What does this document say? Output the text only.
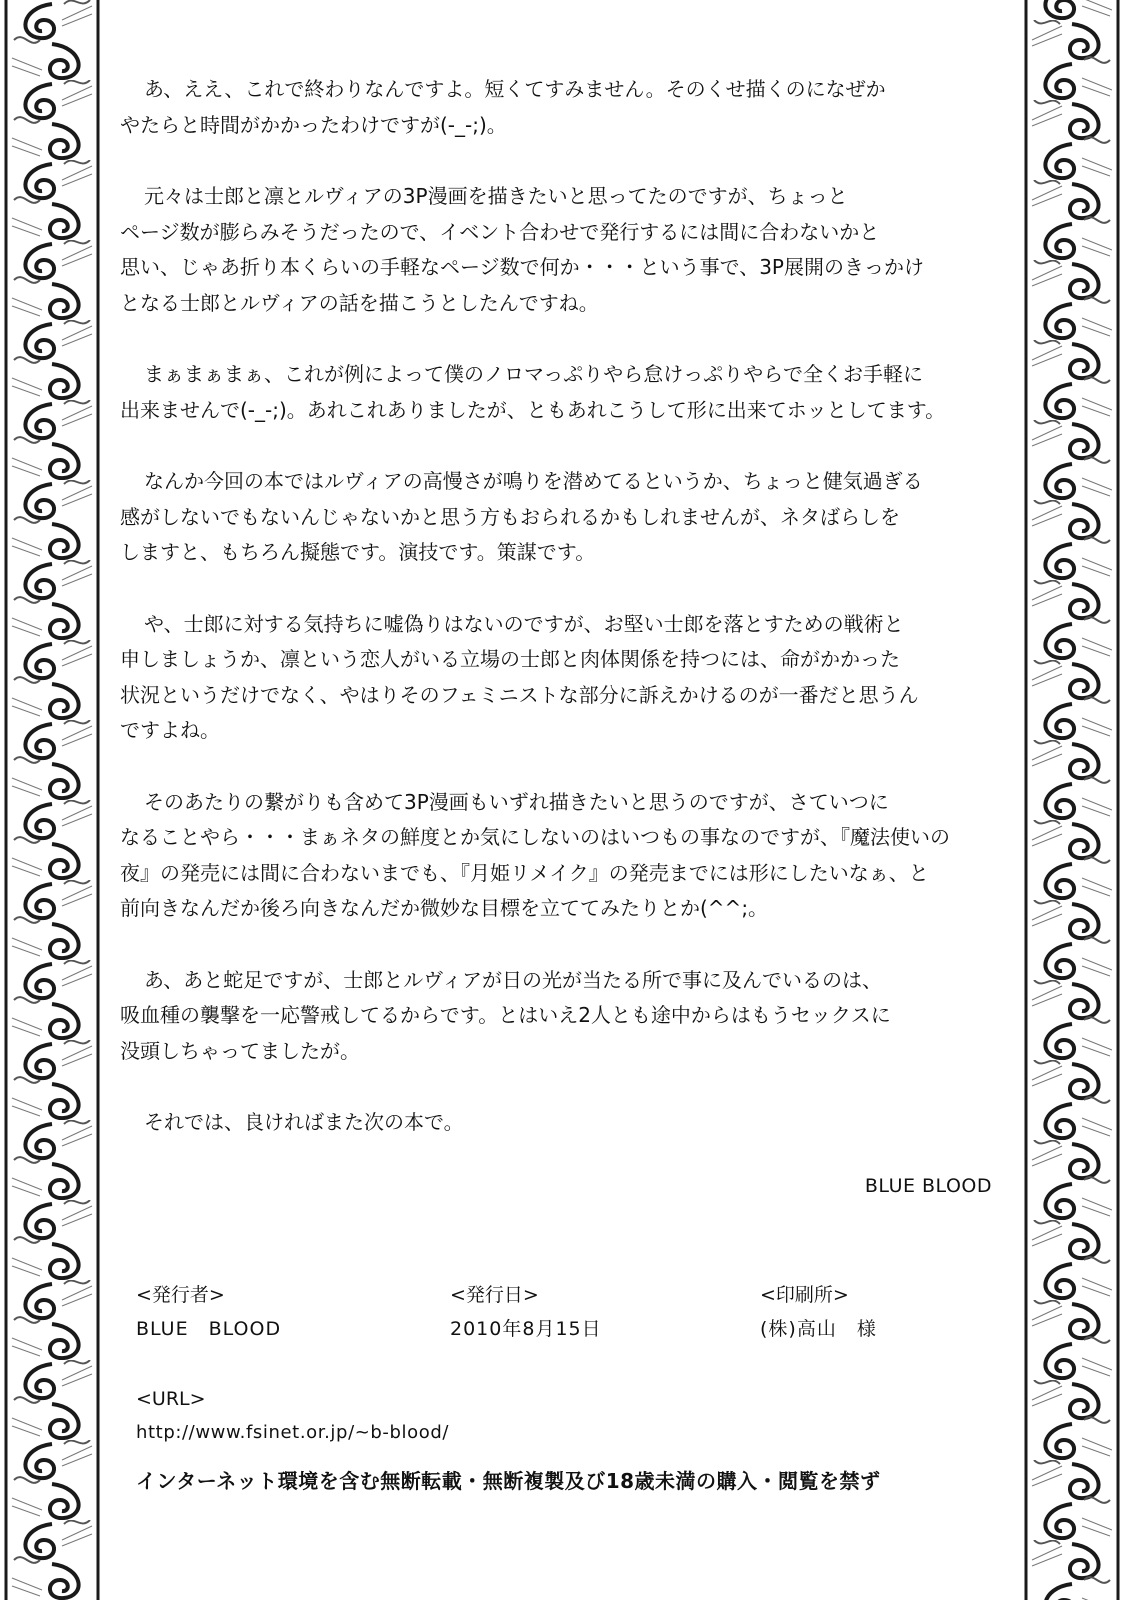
あ、ええ、これで終わりなんですよ。短くてすみません。そのくせ描くのになぜか
やたらと時間がかかったわけですが(-_-;)。
元々は士郎と凛とルヴィアの3P漫画を描きたいと思ってたのですが、ちょっと
ページ数が膨らみそうだったので、イベント合わせで発行するには間に合わないかと
思い、じゃあ折り本くらいの手軽なページ数で何か・・・という事で、3P展開のきっかけ
となる士郎とルヴィアの話を描こうとしたんですね。
まぁまぁまぁ、これが例によって僕のノロマっぷりやら怠けっぷりやらで全くお手軽に
出来ませんで(-_-;)。あれこれありましたが、ともあれこうして形に出来てホッとしてます。
なんか今回の本ではルヴィアの高慢さが鳴りを潜めてるというか、ちょっと健気過ぎる
感がしないでもないんじゃないかと思う方もおられるかもしれませんが、ネタばらしを
しますと、もちろん擬態です。演技です。策謀です。
や、士郎に対する気持ちに嘘偽りはないのですが、お堅い士郎を落とすための戦術と
申しましょうか、凛という恋人がいる立場の士郎と肉体関係を持つには、命がかかった
状況というだけでなく、やはりそのフェミニストな部分に訴えかけるのが一番だと思うん
ですよね。
そのあたりの繋がりも含めて3P漫画もいずれ描きたいと思うのですが、さていつに
なることやら・・・まぁネタの鮮度とか気にしないのはいつもの事なのですが、『魔法使いの
夜』の発売には間に合わないまでも、『月姫リメイク』の発売までには形にしたいなぁ、と
前向きなんだか後ろ向きなんだか微妙な目標を立ててみたりとか(^^;。
あ、あと蛇足ですが、士郎とルヴィアが日の光が当たる所で事に及んでいるのは、
吸血種の襲撃を一応警戒してるからです。とはいえ2人とも途中からはもうセックスに
没頭しちゃってましたが。
それでは、良ければまた次の本で。
BLUE BLOOD
<発行者>
BLUE　BLOOD
<発行日>
2010年8月15日
<印刷所>
(株)高山　様
<URL>
http://www.fsinet.or.jp/~b-blood/
インターネット環境を含む無断転載・無断複製及び18歳未満の購入・閲覧を禁ず
